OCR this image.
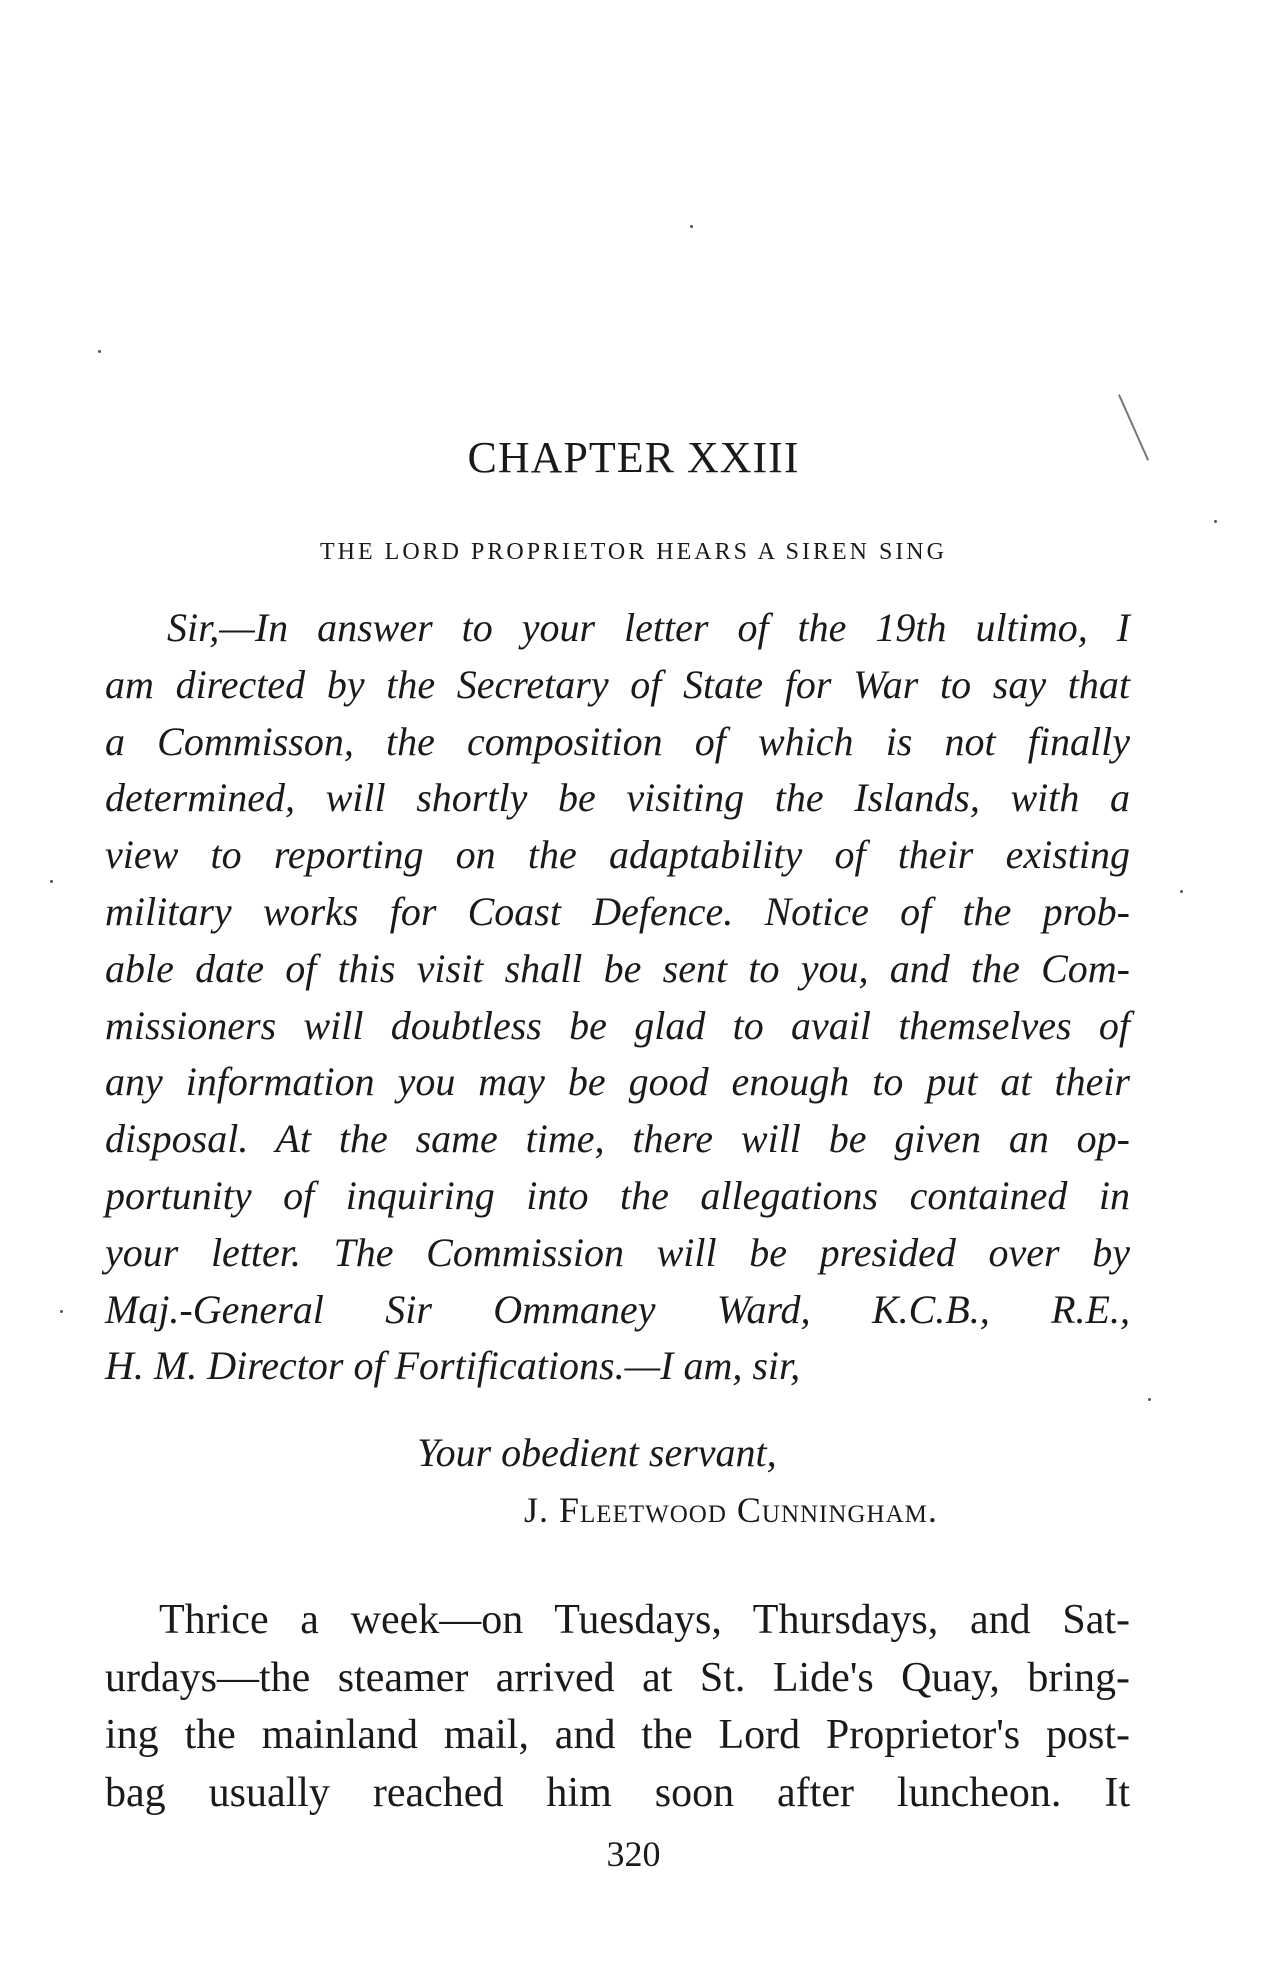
CHAPTER XXIII
THE LORD PROPRIETOR HEARS A SIREN SING
Sir,—In answer to your letter of the 19th ultimo, I
am directed by the Secretary of State for War to say that
a Commisson, the composition of which is not finally
determined, will shortly be visiting the Islands, with a
view to reporting on the adaptability of their existing
military works for Coast Defence. Notice of the prob-
able date of this visit shall be sent to you, and the Com-
missioners will doubtless be glad to avail themselves of
any information you may be good enough to put at their
disposal. At the same time, there will be given an op-
portunity of inquiring into the allegations contained in
your letter. The Commission will be presided over by
Maj.-General Sir Ommaney Ward, K.C.B., R.E.,
H. M. Director of Fortifications.—I am, sir,
Your obedient servant,
J. Fleetwood Cunningham.
Thrice a week—on Tuesdays, Thursdays, and Sat-
urdays—the steamer arrived at St. Lide's Quay, bring-
ing the mainland mail, and the Lord Proprietor's post-
bag usually reached him soon after luncheon. It
320
